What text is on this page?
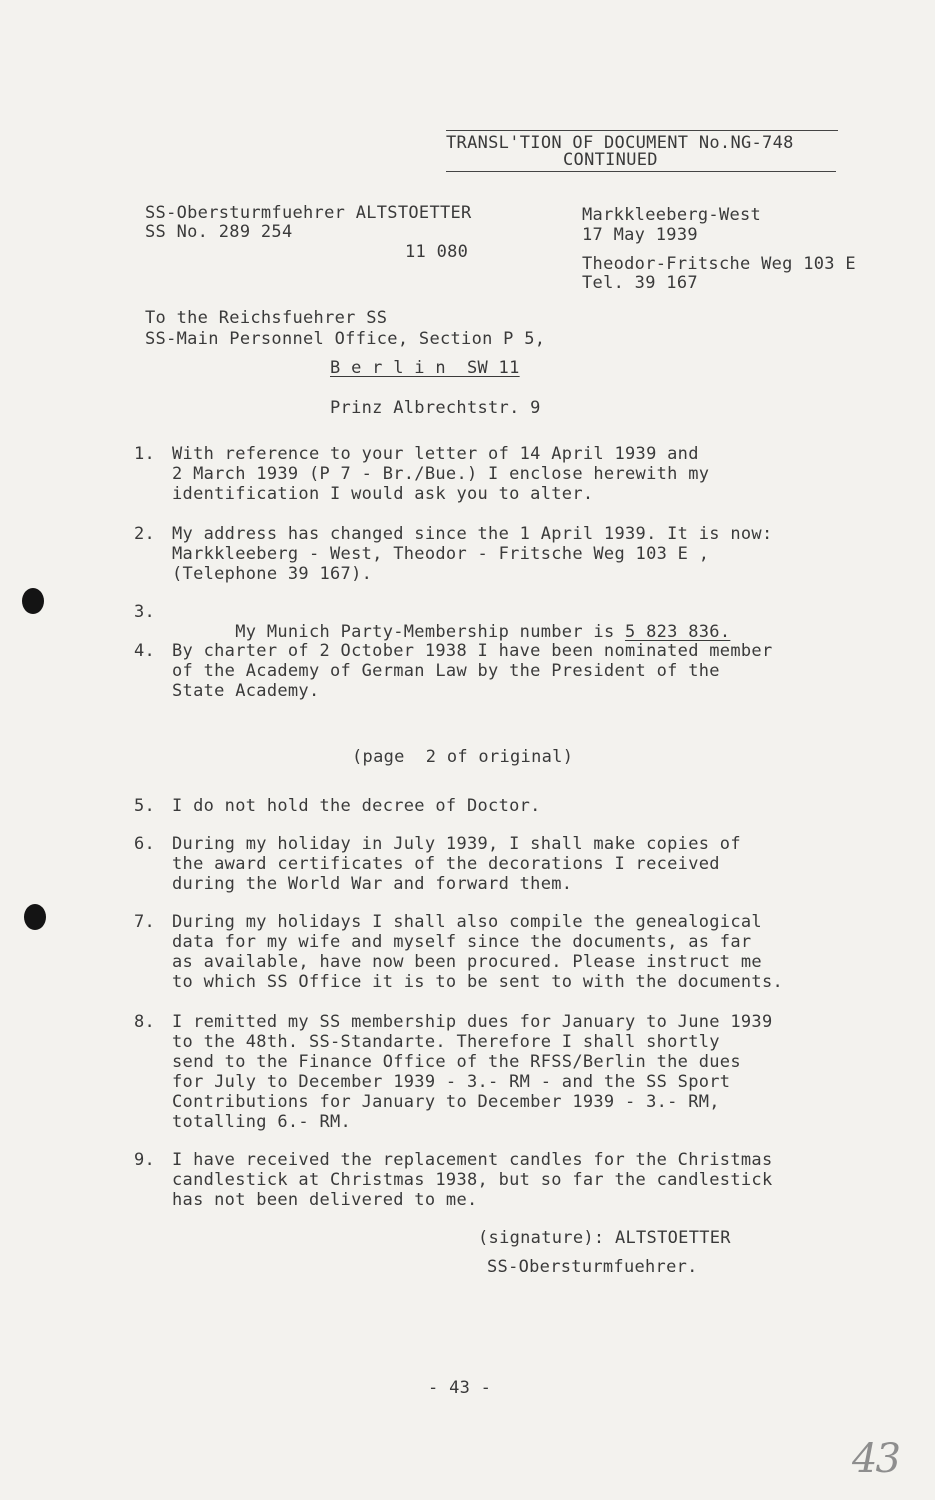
TRANSL'TION OF DOCUMENT No.NG-748
CONTINUED
SS-Obersturmfuehrer ALTSTOETTER
SS No. 289 254
11 080
Markkleeberg-West
17 May 1939
Theodor-Fritsche Weg 103 E
Tel. 39 167
To the Reichsfuehrer SS
SS-Main Personnel Office, Section P 5,
B e r l i n  SW 11
Prinz Albrechtstr. 9
1. With reference to your letter of 14 April 1939 and
2 March 1939 (P 7 - Br./Bue.) I enclose herewith my
identification I would ask you to alter.
2. My address has changed since the 1 April 1939. It is now:
Markkleeberg - West, Theodor - Fritsche Weg 103 E ,
(Telephone 39 167).
3.

My Munich Party-Membership number is 5 823 836.

4. By charter of 2 October 1938 I have been nominated member
of the Academy of German Law by the President of the
State Academy.
(page  2 of original)
5. I do not hold the decree of Doctor.
6. During my holiday in July 1939, I shall make copies of
the award certificates of the decorations I received
during the World War and forward them.
7. During my holidays I shall also compile the genealogical
data for my wife and myself since the documents, as far
as available, have now been procured. Please instruct me
to which SS Office it is to be sent to with the documents.
8. I remitted my SS membership dues for January to June 1939
to the 48th. SS-Standarte. Therefore I shall shortly
send to the Finance Office of the RFSS/Berlin the dues
for July to December 1939 - 3.- RM - and the SS Sport
Contributions for January to December 1939 - 3.- RM,
totalling 6.- RM.
9. I have received the replacement candles for the Christmas
candlestick at Christmas 1938, but so far the candlestick
has not been delivered to me.
(signature): ALTSTOETTER
SS-Obersturmfuehrer.
- 43 -
43
